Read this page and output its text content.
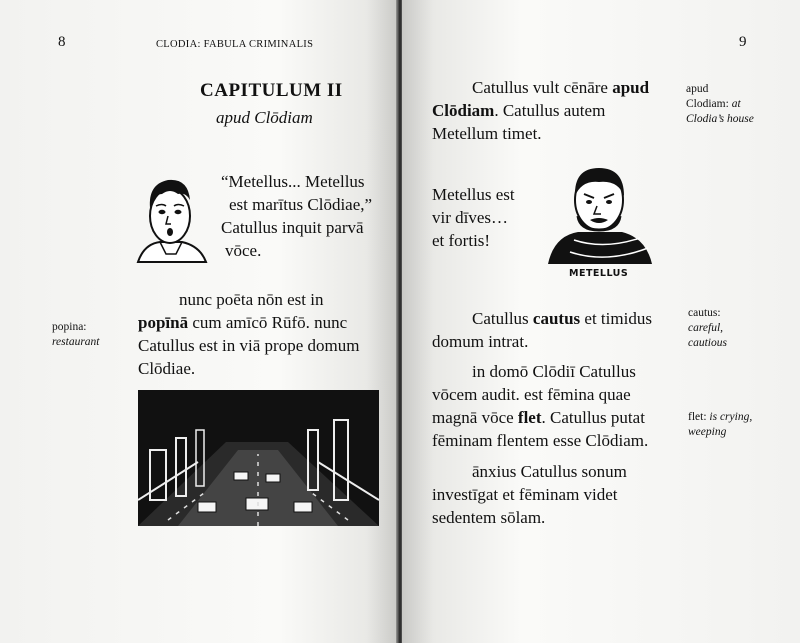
8	CLODIA: FABULA CRIMINALIS
CAPITULUM II
apud Clōdiam
“Metellus... Metellus
est marītus Clōdiae,”
Catullus inquit parvā
vōce.
nunc poēta nōn est in
popīnā cum amīcō Rūfō. nunc
Catullus est in viā prope domum
Clōdiae.
popina:
restaurant
9
Catullus vult cēnāre apud
Clōdiam. Catullus autem
Metellum timet.
apud
Clodiam: at
Clodia’s house
Metellus est
vir dīves…
et fortis!
METELLUS
Catullus cautus et timidus
domum intrat.
cautus:
careful,
cautious
in domō Clōdiī Catullus
vōcem audit. est fēmina quae
magnā vōce flet. Catullus putat
fēminam flentem esse Clōdiam.
flet: is crying,
weeping
ānxius Catullus sonum
investīgat et fēminam videt
sedentem sōlam.
